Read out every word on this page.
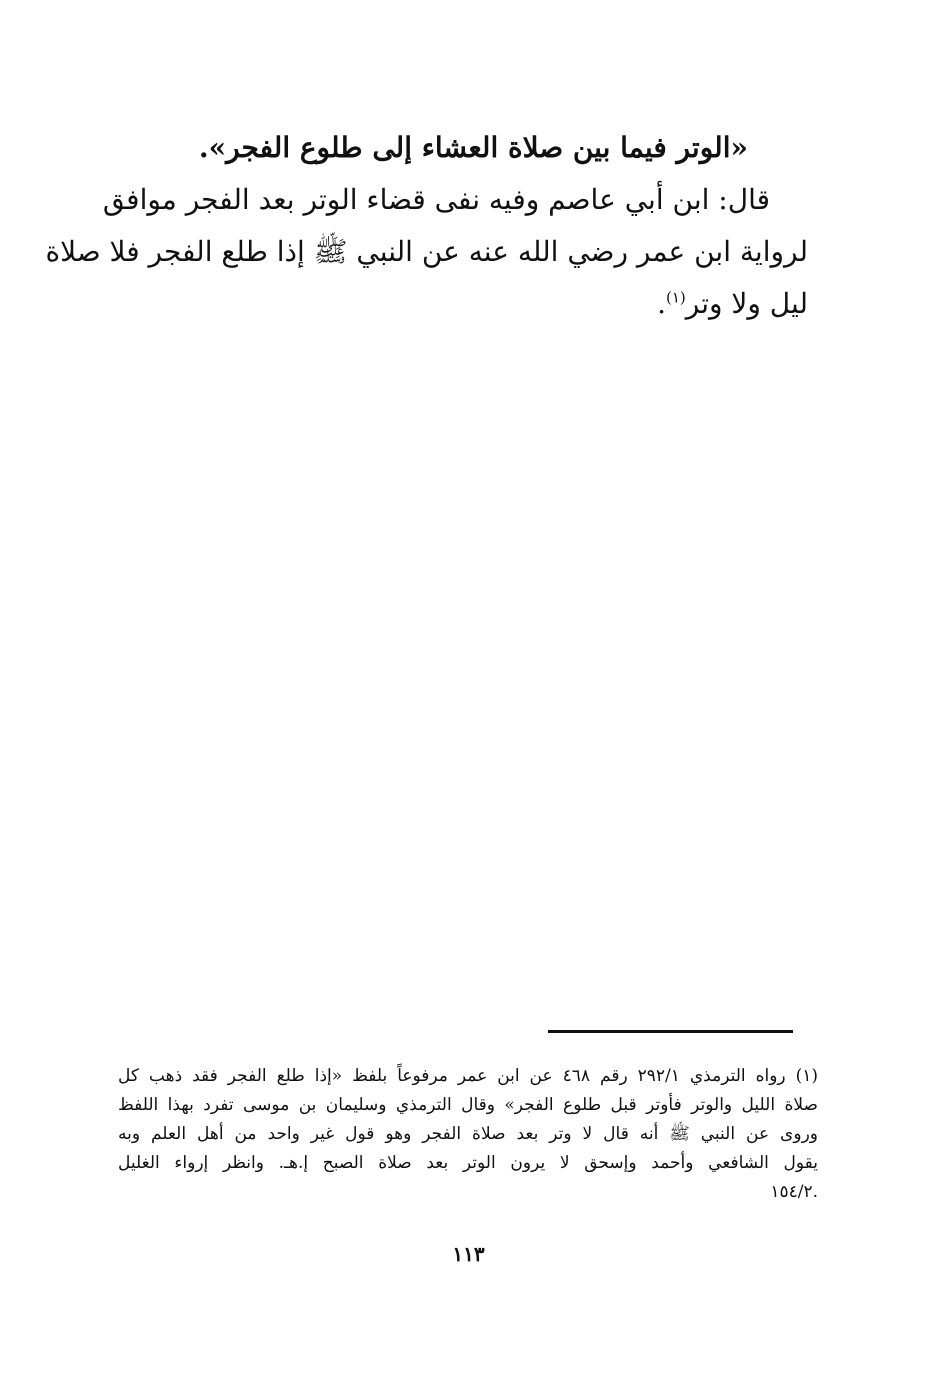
«الوتر فيما بين صلاة العشاء إلى طلوع الفجر».
قال: ابن أبي عاصم وفيه نفى قضاء الوتر بعد الفجر موافق
لرواية ابن عمر رضي الله عنه عن النبي ﷺ إذا طلع الفجر فلا صلاة
ليل ولا وتر$^{(١)}$.
(١) رواه الترمذي ٢٩٢/١ رقم ٤٦٨ عن ابن عمر مرفوعاً بلفظ «إذا طلع الفجر فقد ذهب كل
صلاة الليل والوتر فأوتر قبل طلوع الفجر» وقال الترمذي وسليمان بن موسى تفرد بهذا اللفظ
وروى عن النبي ﷺ أنه قال لا وتر بعد صلاة الفجر وهو قول غير واحد من أهل العلم وبه
يقول الشافعي وأحمد وإسحق لا يرون الوتر بعد صلاة الصبح إ.هـ. وانظر إرواء الغليل
.١٥٤/٢
١١٣
